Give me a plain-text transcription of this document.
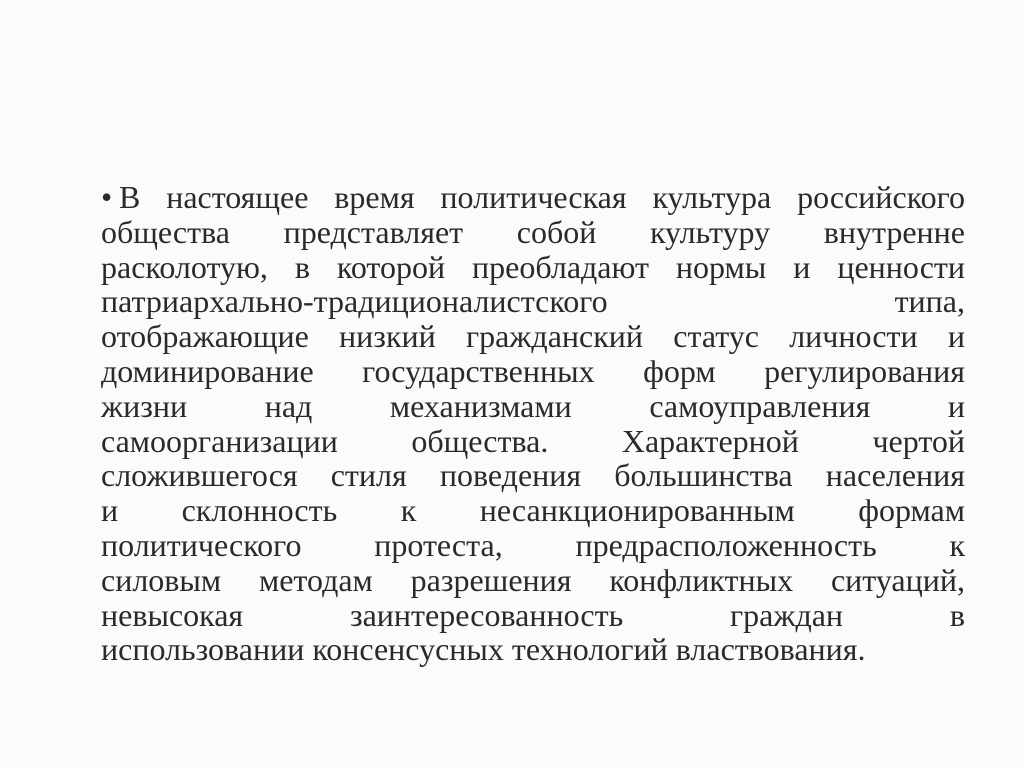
• В настоящее время политическая культура российского
общества представляет собой культуру внутренне
расколотую, в которой преобладают нормы и ценности
патриархально-традиционалистского типа,
отображающие низкий гражданский статус личности и
доминирование государственных форм регулирования
жизни над механизмами самоуправления и
самоорганизации общества. Характерной чертой
сложившегося стиля поведения большинства населения
и склонность к несанкционированным формам
политического протеста, предрасположенность к
силовым методам разрешения конфликтных ситуаций,
невысокая заинтересованность граждан в
использовании консенсусных технологий властвования.
